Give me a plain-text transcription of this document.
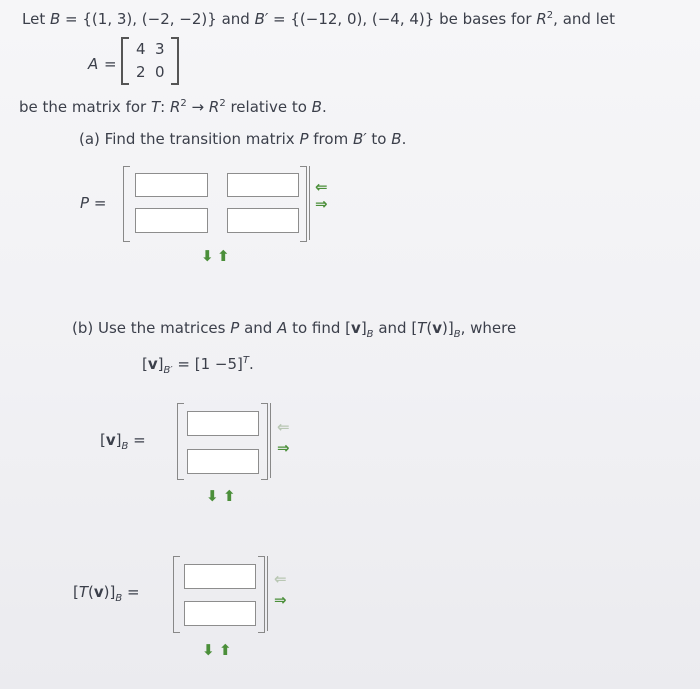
Let B = {(1, 3), (−2, −2)} and B′ = {(−12, 0), (−4, 4)} be bases for $R^2$, and let
A =
4 3
2 0
be the matrix for T: $R^2 \to R^2$ relative to B.
(a) Find the transition matrix P from B′ to B.
P =
⇐
⇒
⬇ ⬆
(b) Use the matrices P and A to find $[v]_B$ and $[T(v)]_B$, where
$[v]_{B'} = [1 -5]^T$.
$[v]_B$ =
⇐
⇒
⬇ ⬆
$[T(v)]_B$ =
⇐
⇒
⬇ ⬆
